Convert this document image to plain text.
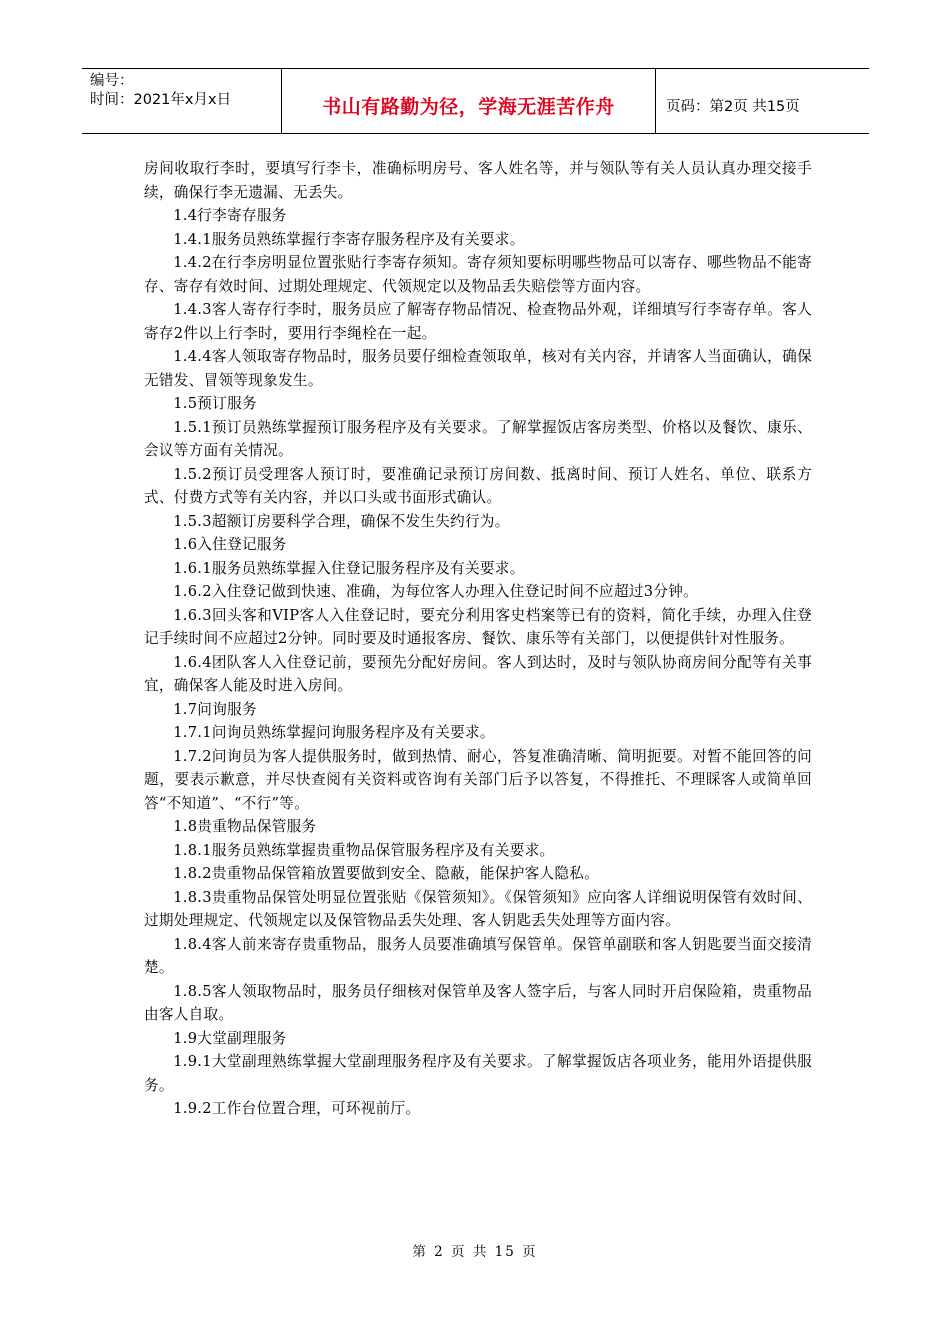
编号：
时间：2021年x月x日	书山有路勤为径，学海无涯苦作舟	页码：第2页 共15页

房间收取行李时，要填写行李卡，准确标明房号、客人姓名等，并与领队等有关人员认真办理交接手续，确保行李无遗漏、无丢失。

1.4行李寄存服务

1.4.1服务员熟练掌握行李寄存服务程序及有关要求。

1.4.2在行李房明显位置张贴行李寄存须知。寄存须知要标明哪些物品可以寄存、哪些物品不能寄存、寄存有效时间、过期处理规定、代领规定以及物品丢失赔偿等方面内容。

1.4.3客人寄存行李时，服务员应了解寄存物品情况、检查物品外观，详细填写行李寄存单。客人寄存2件以上行李时，要用行李绳栓在一起。

1.4.4客人领取寄存物品时，服务员要仔细检查领取单，核对有关内容，并请客人当面确认，确保无错发、冒领等现象发生。

1.5预订服务

1.5.1预订员熟练掌握预订服务程序及有关要求。了解掌握饭店客房类型、价格以及餐饮、康乐、会议等方面有关情况。

1.5.2预订员受理客人预订时，要准确记录预订房间数、抵离时间、预订人姓名、单位、联系方式、付费方式等有关内容，并以口头或书面形式确认。

1.5.3超额订房要科学合理，确保不发生失约行为。

1.6入住登记服务

1.6.1服务员熟练掌握入住登记服务程序及有关要求。

1.6.2入住登记做到快速、准确，为每位客人办理入住登记时间不应超过3分钟。

1.6.3回头客和VIP客人入住登记时，要充分利用客史档案等已有的资料，简化手续，办理入住登记手续时间不应超过2分钟。同时要及时通报客房、餐饮、康乐等有关部门，以便提供针对性服务。

1.6.4团队客人入住登记前，要预先分配好房间。客人到达时，及时与领队协商房间分配等有关事宜，确保客人能及时进入房间。

1.7问询服务

1.7.1问询员熟练掌握问询服务程序及有关要求。

1.7.2问询员为客人提供服务时，做到热情、耐心，答复准确清晰、简明扼要。对暂不能回答的问题，要表示歉意，并尽快查阅有关资料或咨询有关部门后予以答复，不得推托、不理睬客人或简单回答“不知道”、“不行”等。

1.8贵重物品保管服务

1.8.1服务员熟练掌握贵重物品保管服务程序及有关要求。

1.8.2贵重物品保管箱放置要做到安全、隐蔽，能保护客人隐私。

1.8.3贵重物品保管处明显位置张贴《保管须知》。《保管须知》应向客人详细说明保管有效时间、过期处理规定、代领规定以及保管物品丢失处理、客人钥匙丢失处理等方面内容。

1.8.4客人前来寄存贵重物品，服务人员要准确填写保管单。保管单副联和客人钥匙要当面交接清楚。

1.8.5客人领取物品时，服务员仔细核对保管单及客人签字后，与客人同时开启保险箱，贵重物品由客人自取。

1.9大堂副理服务

1.9.1大堂副理熟练掌握大堂副理服务程序及有关要求。了解掌握饭店各项业务，能用外语提供服务。

1.9.2工作台位置合理，可环视前厅。

第 2 页 共 15 页
